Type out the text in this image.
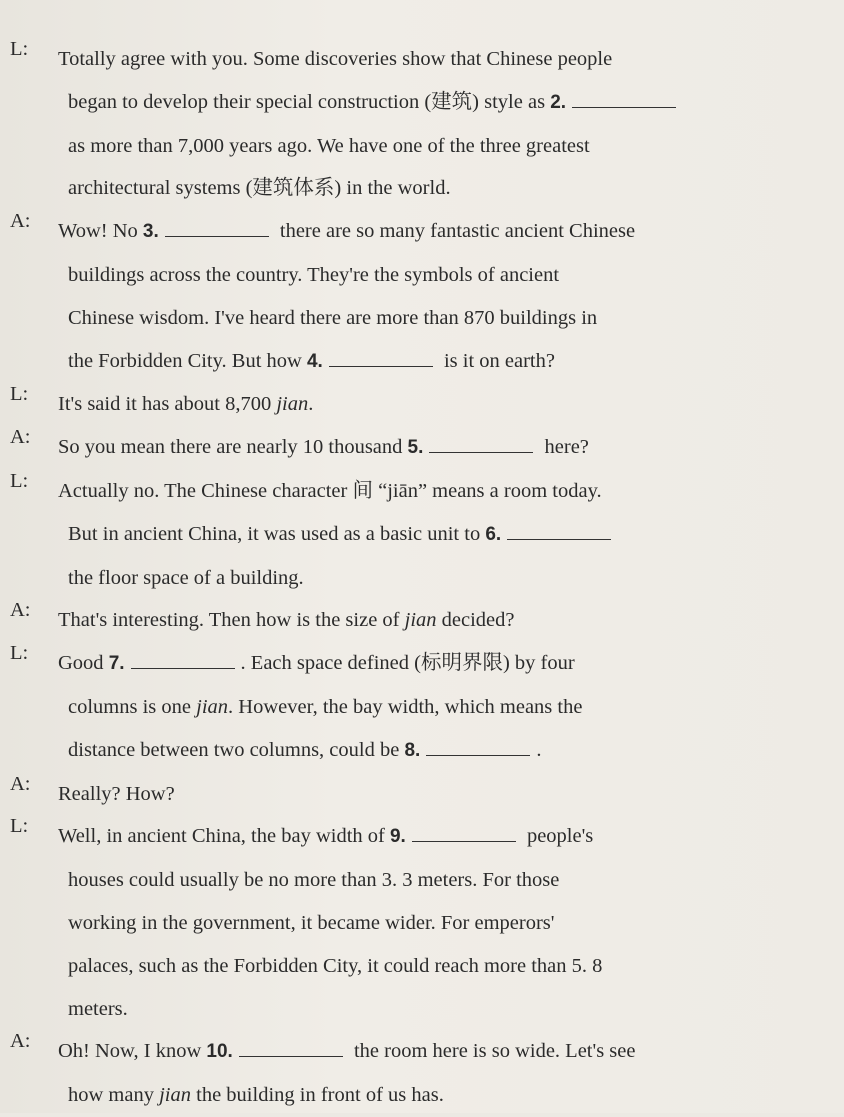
L:	Totally agree with you. Some discoveries show that Chinese people
began to develop their special construction (建筑) style as 2.
as more than 7,000 years ago. We have one of the three greatest
architectural systems (建筑体系) in the world.
A:	Wow! No 3.	there are so many fantastic ancient Chinese
buildings across the country. They're the symbols of ancient
Chinese wisdom. I've heard there are more than 870 buildings in
the Forbidden City. But how 4.	is it on earth?
L:	It's said it has about 8,700 jian.
A:	So you mean there are nearly 10 thousand 5.	here?
L:	Actually no. The Chinese character 间 “jiān” means a room today.
But in ancient China, it was used as a basic unit to 6.
the floor space of a building.
A:	That's interesting. Then how is the size of jian decided?
L:	Good 7.	. Each space defined (标明界限) by four
columns is one jian. However, the bay width, which means the
distance between two columns, could be 8.	.
A:	Really? How?
L:	Well, in ancient China, the bay width of 9.	people's
houses could usually be no more than 3. 3 meters. For those
working in the government, it became wider. For emperors'
palaces, such as the Forbidden City, it could reach more than 5. 8
meters.
A:	Oh! Now, I know 10.	the room here is so wide. Let's see
how many jian the building in front of us has.
